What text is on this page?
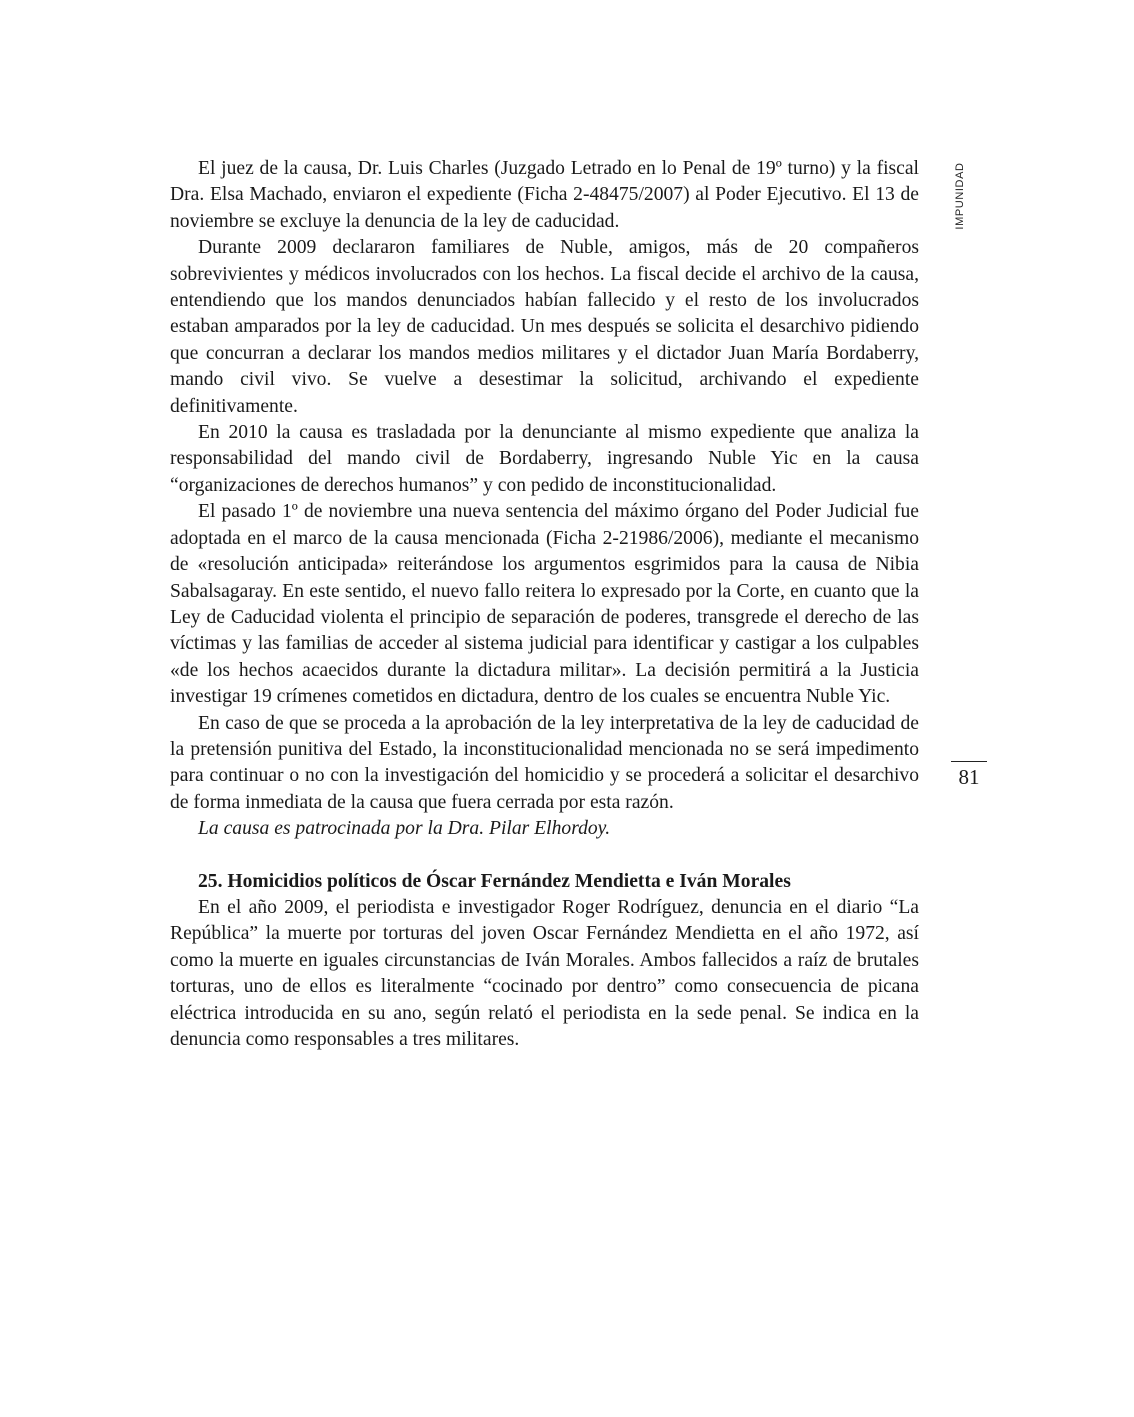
IMPUNIDAD
81

El juez de la causa, Dr. Luis Charles (Juzgado Letrado en lo Penal de 19º turno) y la fiscal Dra. Elsa Machado, enviaron el expediente (Ficha 2-48475/2007) al Poder Ejecutivo. El 13 de noviembre se excluye la denuncia de la ley de caducidad.

Durante 2009 declararon familiares de Nuble, amigos, más de 20 compañeros sobrevivientes y médicos involucrados con los hechos. La fiscal decide el archivo de la causa, entendiendo que los mandos denunciados habían fallecido y el resto de los involucrados estaban amparados por la ley de caducidad. Un mes después se solicita el desarchivo pidiendo que concurran a declarar los mandos medios militares y el dictador Juan María Bordaberry, mando civil vivo. Se vuelve a desestimar la solicitud, archivando el expediente definitivamente.

En 2010 la causa es trasladada por la denunciante al mismo expediente que analiza la responsabilidad del mando civil de Bordaberry, ingresando Nuble Yic en la causa “organizaciones de derechos humanos” y con pedido de inconstitucionalidad.

El pasado 1º de noviembre una nueva sentencia del máximo órgano del Poder Judicial fue adoptada en el marco de la causa mencionada (Ficha 2-21986/2006), mediante el mecanismo de «resolución anticipada» reiterándose los argumentos esgrimidos para la causa de Nibia Sabalsagaray. En este sentido, el nuevo fallo reitera lo expresado por la Corte, en cuanto que la Ley de Caducidad violenta el principio de separación de poderes, transgrede el derecho de las víctimas y las familias de acceder al sistema judicial para identificar y castigar a los culpables «de los hechos acaecidos durante la dictadura militar». La decisión permitirá a la Justicia investigar 19 crímenes cometidos en dictadura, dentro de los cuales se encuentra Nuble Yic.

En caso de que se proceda a la aprobación de la ley interpretativa de la ley de caducidad de la pretensión punitiva del Estado, la inconstitucionalidad mencionada no se será impedimento para continuar o no con la investigación del homicidio y se procederá a solicitar el desarchivo de forma inmediata de la causa que fuera cerrada por esta razón.

La causa es patrocinada por la Dra. Pilar Elhordoy.

25. Homicidios políticos de Óscar Fernández Mendietta e Iván Morales

En el año 2009, el periodista e investigador Roger Rodríguez, denuncia en el diario “La República” la muerte por torturas del joven Oscar Fernández Mendietta en el año 1972, así como la muerte en iguales circunstancias de Iván Morales. Ambos fallecidos a raíz de brutales torturas, uno de ellos es literalmente “cocinado por dentro” como consecuencia de picana eléctrica introducida en su ano, según relató el periodista en la sede penal. Se indica en la denuncia como responsables a tres militares.
